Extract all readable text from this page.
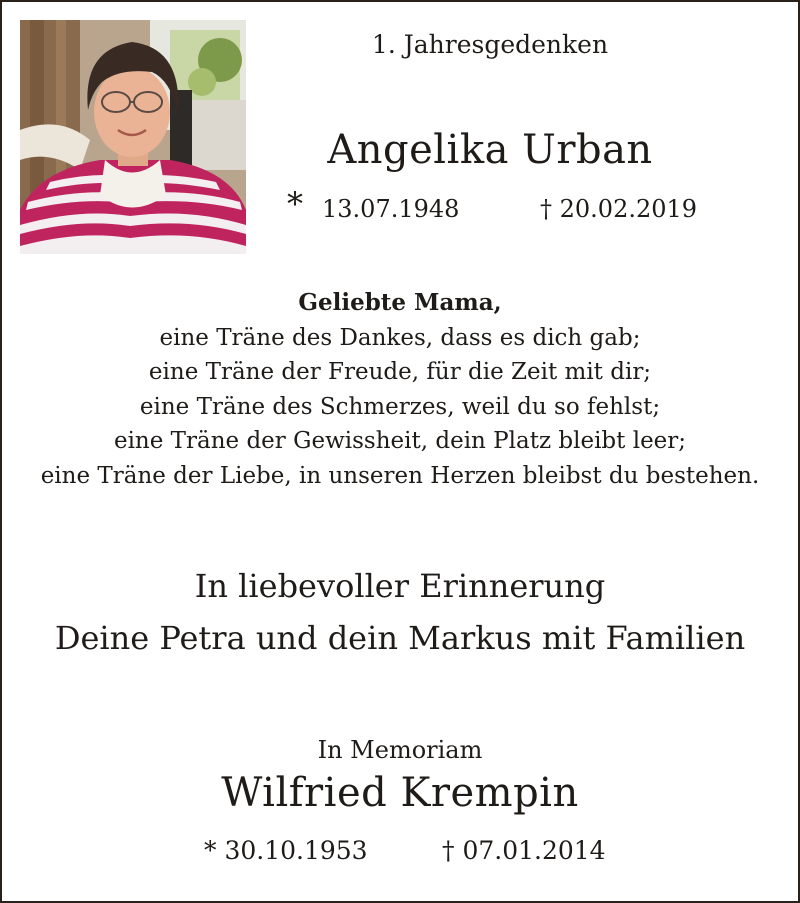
1. Jahresgedenken
Angelika Urban
* 13.07.1948	† 20.02.2019
Geliebte Mama,
eine Träne des Dankes, dass es dich gab;
eine Träne der Freude, für die Zeit mit dir;
eine Träne des Schmerzes, weil du so fehlst;
eine Träne der Gewissheit, dein Platz bleibt leer;
eine Träne der Liebe, in unseren Herzen bleibst du bestehen.
In liebevoller Erinnerung
Deine Petra und dein Markus mit Familien
In Memoriam
Wilfried Krempin
* 30.10.1953	† 07.01.2014
